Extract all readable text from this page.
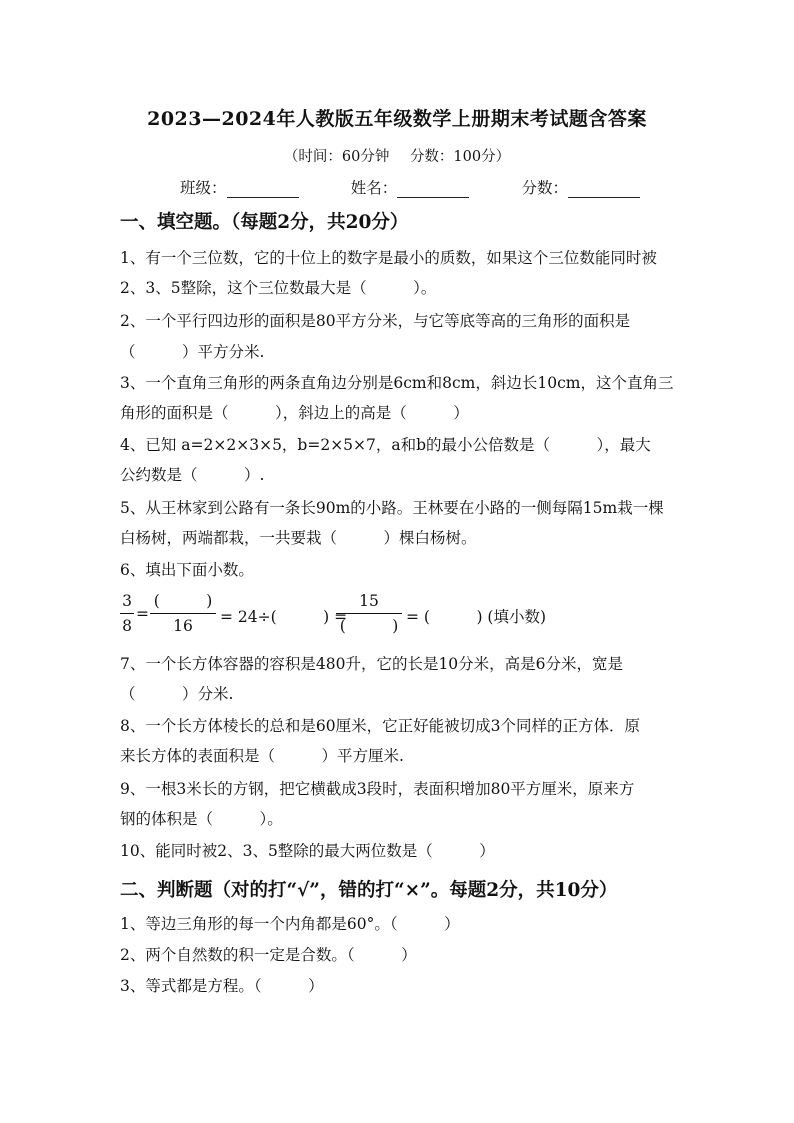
2023—2024年人教版五年级数学上册期末考试题含答案
（时间：60分钟 分数：100分）
班级：	姓名：	分数：
一、填空题。（每题2分，共20分）
1、有一个三位数，它的十位上的数字是最小的质数，如果这个三位数能同时被
2、3、5整除，这个三位数最大是（　　　）。
2、一个平行四边形的面积是80平方分米，与它等底等高的三角形的面积是
（　　　）平方分米.
3、一个直角三角形的两条直角边分别是6cm和8cm，斜边长10cm，这个直角三
角形的面积是（　　　），斜边上的高是（　　　）
4、已知 a=2×2×3×5，b=2×5×7，a和b的最小公倍数是（　　　），最大
公约数是（　　　）.
5、从王林家到公路有一条长90m的小路。王林要在小路的一侧每隔15m栽一棵
白杨树，两端都栽，一共要栽（　　　）棵白杨树。
6、填出下面小数。
3
8
=
(　　　)
16	= 24÷(　　　) =
15
(　　　) = (　　　) (填小数)
7、一个长方体容器的容积是480升，它的长是10分米，高是6分米，宽是
（　　　）分米.
8、一个长方体棱长的总和是60厘米，它正好能被切成3个同样的正方体．原
来长方体的表面积是（　　　）平方厘米.
9、一根3米长的方钢，把它横截成3段时，表面积增加80平方厘米，原来方
钢的体积是（　　　）。
10、能同时被2、3、5整除的最大两位数是（　　　）
二、判断题（对的打“√”，错的打“×”。每题2分，共10分）
1、等边三角形的每一个内角都是60°。（　　　）
2、两个自然数的积一定是合数。（　　　）
3、等式都是方程。（　　　）
